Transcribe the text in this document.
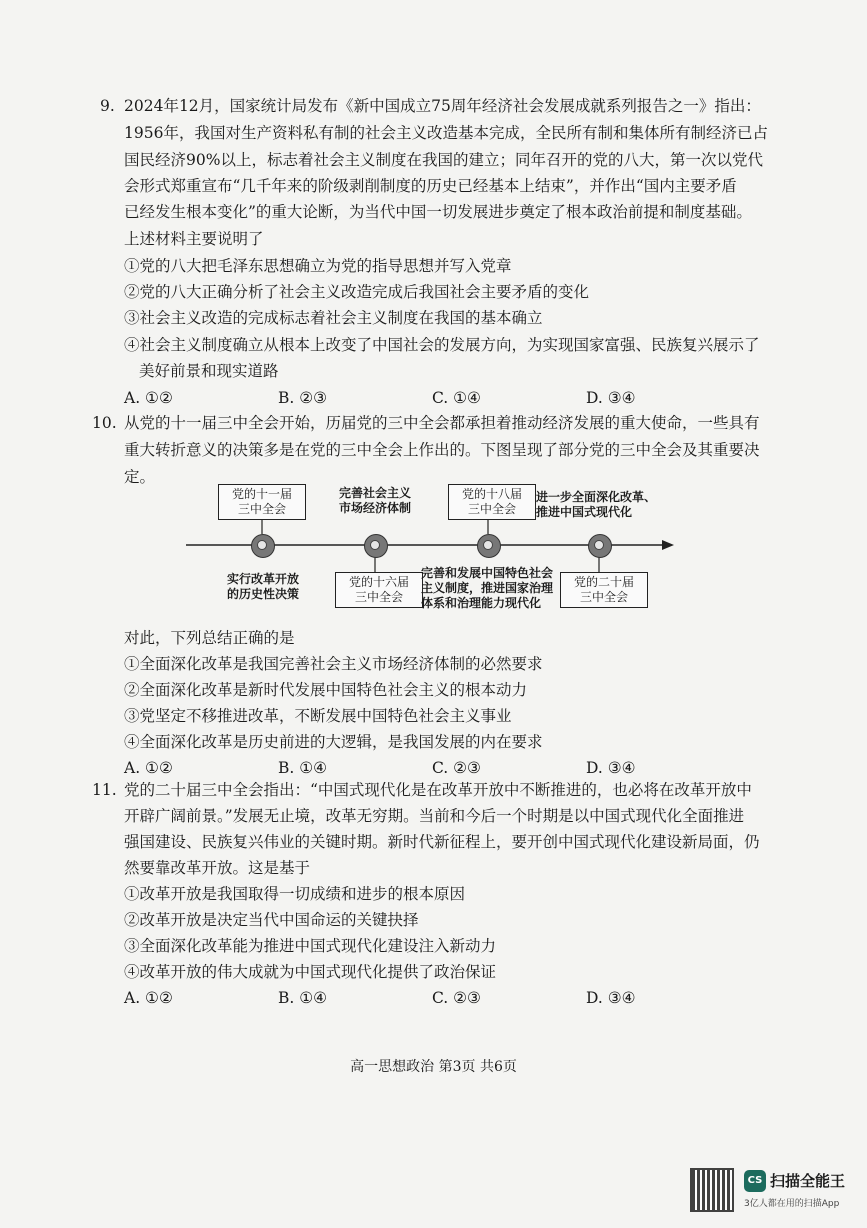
9. 2024年12月，国家统计局发布《新中国成立75周年经济社会发展成就系列报告之一》指出：
1956年，我国对生产资料私有制的社会主义改造基本完成，全民所有制和集体所有制经济已占
国民经济90%以上，标志着社会主义制度在我国的建立；同年召开的党的八大，第一次以党代
会形式郑重宣布“几千年来的阶级剥削制度的历史已经基本上结束”，并作出“国内主要矛盾
已经发生根本变化”的重大论断，为当代中国一切发展进步奠定了根本政治前提和制度基础。
上述材料主要说明了
①党的八大把毛泽东思想确立为党的指导思想并写入党章
②党的八大正确分析了社会主义改造完成后我国社会主要矛盾的变化
③社会主义改造的完成标志着社会主义制度在我国的基本确立
④社会主义制度确立从根本上改变了中国社会的发展方向，为实现国家富强、民族复兴展示了
美好前景和现实道路
A. ①②	B. ②③	C. ①④	D. ③④
10. 从党的十一届三中全会开始，历届党的三中全会都承担着推动经济发展的重大使命，一些具有
重大转折意义的决策多是在党的三中全会上作出的。下图呈现了部分党的三中全会及其重要决
定。
党的十一届
三中全会
党的十八届
三中全会
党的十六届
三中全会
党的二十届
三中全会
完善社会主义
市场经济体制
进一步全面深化改革、
推进中国式现代化
实行改革开放
的历史性决策
完善和发展中国特色社会
主义制度，推进国家治理
体系和治理能力现代化
对此，下列总结正确的是
①全面深化改革是我国完善社会主义市场经济体制的必然要求
②全面深化改革是新时代发展中国特色社会主义的根本动力
③党坚定不移推进改革，不断发展中国特色社会主义事业
④全面深化改革是历史前进的大逻辑，是我国发展的内在要求
A. ①②	B. ①④	C. ②③	D. ③④
11. 党的二十届三中全会指出：“中国式现代化是在改革开放中不断推进的，也必将在改革开放中
开辟广阔前景。”发展无止境，改革无穷期。当前和今后一个时期是以中国式现代化全面推进
强国建设、民族复兴伟业的关键时期。新时代新征程上，要开创中国式现代化建设新局面，仍
然要靠改革开放。这是基于
①改革开放是我国取得一切成绩和进步的根本原因
②改革开放是决定当代中国命运的关键抉择
③全面深化改革能为推进中国式现代化建设注入新动力
④改革开放的伟大成就为中国式现代化提供了政治保证
A. ①②	B. ①④	C. ②③	D. ③④
高一思想政治 第3页 共6页
CS 扫描全能王
3亿人都在用的扫描App
